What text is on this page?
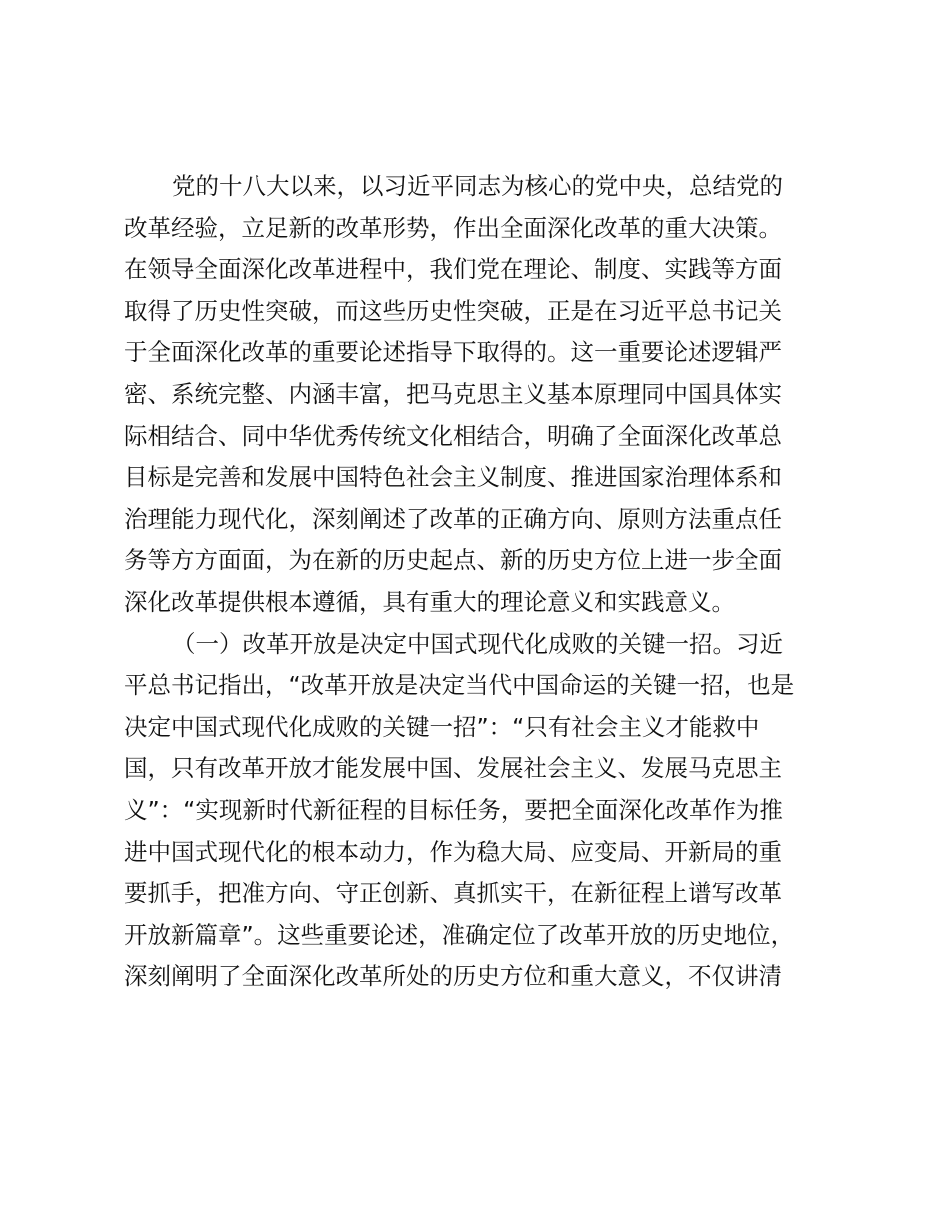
党的十八大以来，以习近平同志为核心的党中央，总结党的
改革经验，立足新的改革形势，作出全面深化改革的重大决策。
在领导全面深化改革进程中，我们党在理论、制度、实践等方面
取得了历史性突破，而这些历史性突破，正是在习近平总书记关
于全面深化改革的重要论述指导下取得的。这一重要论述逻辑严
密、系统完整、内涵丰富，把马克思主义基本原理同中国具体实
际相结合、同中华优秀传统文化相结合，明确了全面深化改革总
目标是完善和发展中国特色社会主义制度、推进国家治理体系和
治理能力现代化，深刻阐述了改革的正确方向、原则方法重点任
务等方方面面，为在新的历史起点、新的历史方位上进一步全面
深化改革提供根本遵循，具有重大的理论意义和实践意义。
（一）改革开放是决定中国式现代化成败的关键一招。习近
平总书记指出，“改革开放是决定当代中国命运的关键一招，也是
决定中国式现代化成败的关键一招”：“只有社会主义才能救中
国，只有改革开放才能发展中国、发展社会主义、发展马克思主
义”：“实现新时代新征程的目标任务，要把全面深化改革作为推
进中国式现代化的根本动力，作为稳大局、应变局、开新局的重
要抓手，把准方向、守正创新、真抓实干，在新征程上谱写改革
开放新篇章”。这些重要论述，准确定位了改革开放的历史地位，
深刻阐明了全面深化改革所处的历史方位和重大意义，不仅讲清
